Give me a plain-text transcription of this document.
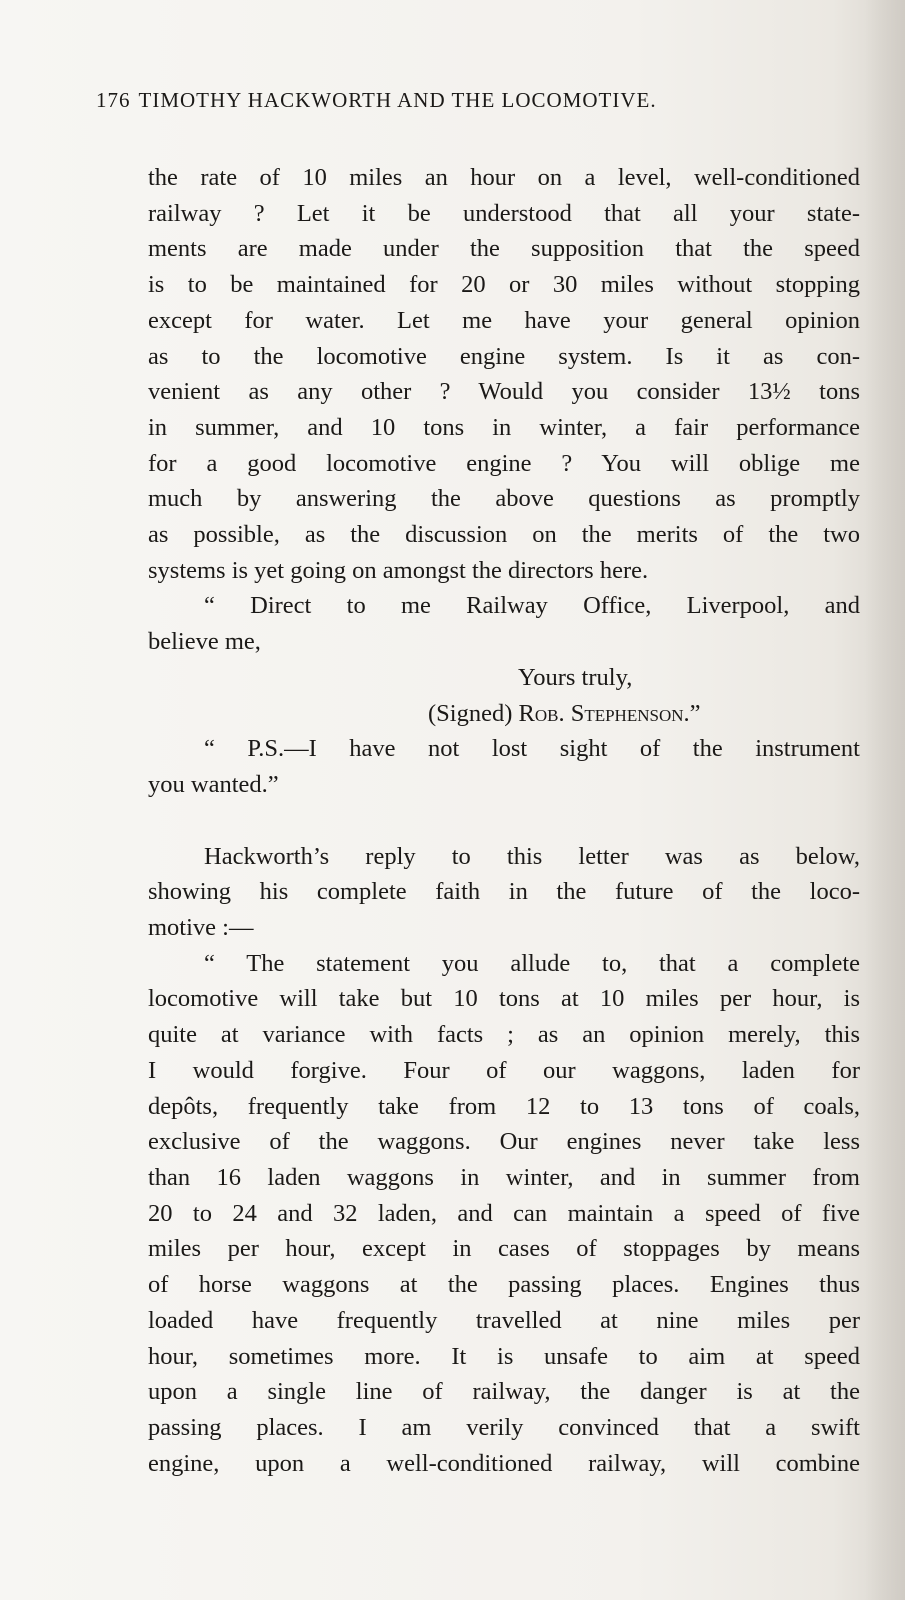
176 TIMOTHY HACKWORTH AND THE LOCOMOTIVE.
the rate of 10 miles an hour on a level, well-conditioned
railway ? Let it be understood that all your state-
ments are made under the supposition that the speed
is to be maintained for 20 or 30 miles without stopping
except for water. Let me have your general opinion
as to the locomotive engine system. Is it as con-
venient as any other ? Would you consider 13½ tons
in summer, and 10 tons in winter, a fair performance
for a good locomotive engine ? You will oblige me
much by answering the above questions as promptly
as possible, as the discussion on the merits of the two
systems is yet going on amongst the directors here.
“ Direct to me Railway Office, Liverpool, and
believe me,
Yours truly,
(Signed) Rob. Stephenson.”
“ P.S.—I have not lost sight of the instrument
you wanted.”
Hackworth’s reply to this letter was as below,
showing his complete faith in the future of the loco-
motive :—
“ The statement you allude to, that a complete
locomotive will take but 10 tons at 10 miles per hour, is
quite at variance with facts ; as an opinion merely, this
I would forgive. Four of our waggons, laden for
depôts, frequently take from 12 to 13 tons of coals,
exclusive of the waggons. Our engines never take less
than 16 laden waggons in winter, and in summer from
20 to 24 and 32 laden, and can maintain a speed of five
miles per hour, except in cases of stoppages by means
of horse waggons at the passing places. Engines thus
loaded have frequently travelled at nine miles per
hour, sometimes more. It is unsafe to aim at speed
upon a single line of railway, the danger is at the
passing places. I am verily convinced that a swift
engine, upon a well-conditioned railway, will combine
